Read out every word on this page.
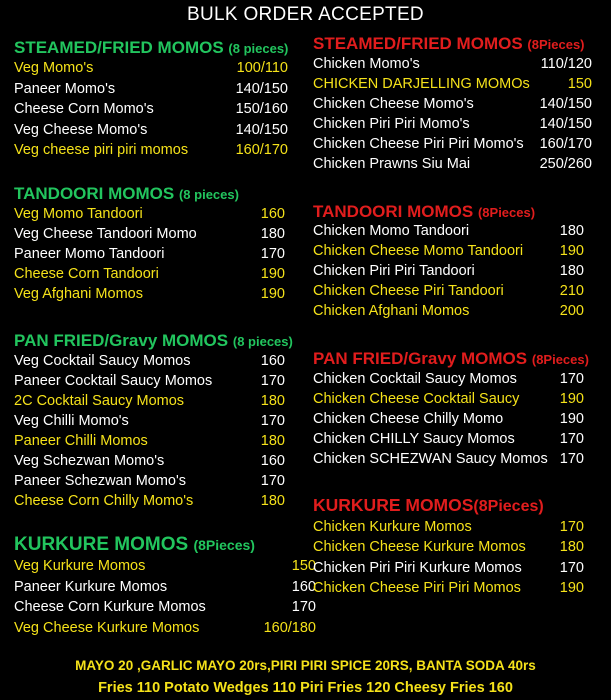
BULK ORDER ACCEPTED
STEAMED/FRIED MOMOS (8 pieces)
TANDOORI MOMOS (8 pieces)
PAN FRIED/Gravy MOMOS (8 pieces)
KURKURE MOMOS (8Pieces)
STEAMED/FRIED MOMOS (8Pieces)
TANDOORI MOMOS (8Pieces)
PAN FRIED/Gravy MOMOS (8Pieces)
KURKURE MOMOS(8Pieces)
MAYO 20 ,GARLIC MAYO 20rs,PIRI PIRI SPICE 20RS, BANTA SODA 40rs
Fries 110 Potato Wedges 110 Piri Fries 120 Cheesy Fries 160
Veg Momo's	100/110
Paneer Momo's	140/150
Cheese Corn Momo's	150/160
Veg Cheese Momo's	140/150
Veg cheese piri piri momos	160/170
Veg Momo Tandoori	160
Veg Cheese Tandoori Momo	180
Paneer Momo Tandoori	170
Cheese Corn Tandoori	190
Veg Afghani Momos	190
Veg Cocktail Saucy Momos	160
Paneer Cocktail Saucy Momos	170
2C Cocktail Saucy Momos	180
Veg Chilli Momo's	170
Paneer Chilli Momos	180
Veg Schezwan Momo's	160
Paneer Schezwan Momo's	170
Cheese Corn Chilly Momo's	180
Veg Kurkure Momos	150
Paneer Kurkure Momos	160
Cheese Corn Kurkure Momos	170
Veg Cheese Kurkure Momos	160/180
Chicken Momo's	110/120
CHICKEN DARJELLING MOMOs	150
Chicken Cheese Momo's	140/150
Chicken Piri Piri Momo's	140/150
Chicken Cheese Piri Piri Momo's 160/170
Chicken Prawns Siu Mai	250/260
Chicken Momo Tandoori	180
Chicken Cheese Momo Tandoori	190
Chicken Piri Piri Tandoori	180
Chicken Cheese Piri Tandoori	210
Chicken Afghani Momos	200
Chicken Cocktail Saucy Momos	170
Chicken Cheese Cocktail Saucy	190
Chicken Cheese Chilly Momo	190
Chicken CHILLY Saucy Momos	170
Chicken SCHEZWAN Saucy Momos 170
Chicken Kurkure Momos	170
Chicken Cheese Kurkure Momos 180
Chicken Piri Piri Kurkure Momos	170
Chicken Cheese Piri Piri Momos	190
